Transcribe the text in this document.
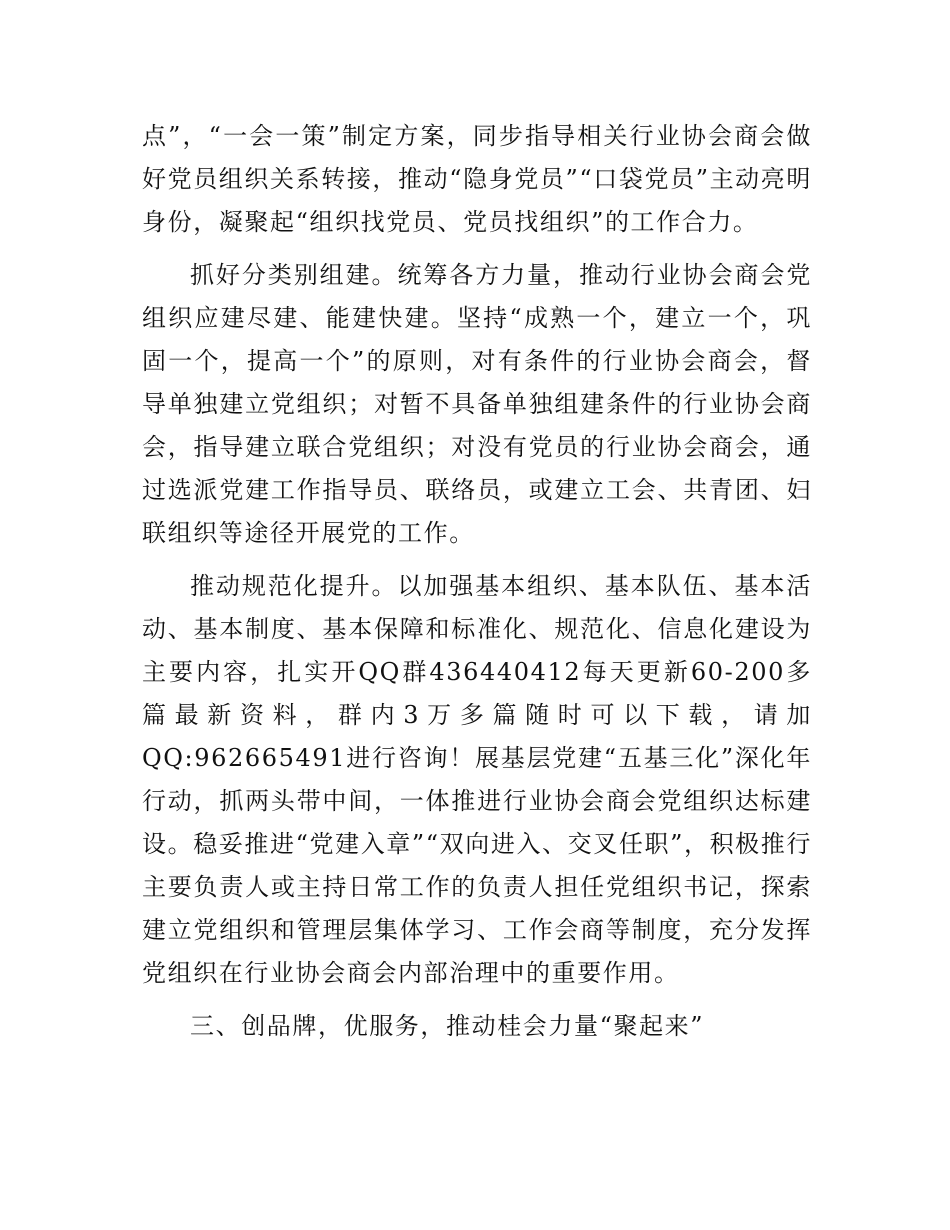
点”，“一会一策”制定方案，同步指导相关行业协会商会做好党员组织关系转接，推动“隐身党员”“口袋党员”主动亮明身份，凝聚起“组织找党员、党员找组织”的工作合力。

抓好分类别组建。统筹各方力量，推动行业协会商会党组织应建尽建、能建快建。坚持“成熟一个，建立一个，巩固一个，提高一个”的原则，对有条件的行业协会商会，督导单独建立党组织；对暂不具备单独组建条件的行业协会商会，指导建立联合党组织；对没有党员的行业协会商会，通过选派党建工作指导员、联络员，或建立工会、共青团、妇联组织等途径开展党的工作。

推动规范化提升。以加强基本组织、基本队伍、基本活动、基本制度、基本保障和标准化、规范化、信息化建设为主要内容，扎实开QQ群436440412每天更新60-200多篇最新资料，群内3万多篇随时可以下载，请加QQ:962665491进行咨询！展基层党建“五基三化”深化年行动，抓两头带中间，一体推进行业协会商会党组织达标建设。稳妥推进“党建入章”“双向进入、交叉任职”，积极推行主要负责人或主持日常工作的负责人担任党组织书记，探索建立党组织和管理层集体学习、工作会商等制度，充分发挥党组织在行业协会商会内部治理中的重要作用。

三、创品牌，优服务，推动桂会力量“聚起来”
